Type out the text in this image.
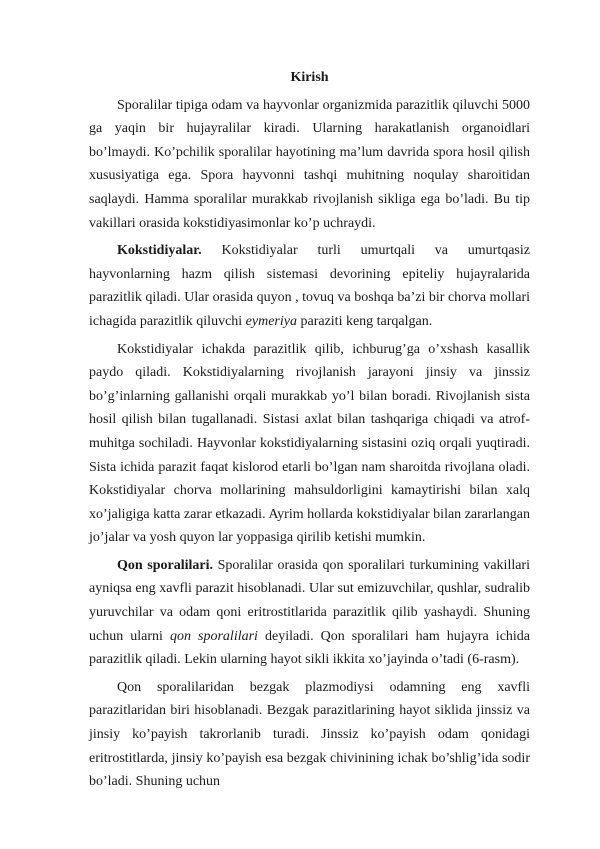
Kirish

Sporalilar tipiga odam va hayvonlar organizmida parazitlik qiluvchi 5000 ga yaqin bir hujayralilar kiradi. Ularning harakatlanish organoidlari bo’lmaydi. Ko’pchilik sporalilar hayotining ma’lum davrida spora hosil qilish xususiyatiga ega. Spora hayvonni tashqi muhitning noqulay sharoitidan saqlaydi. Hamma sporalilar murakkab rivojlanish sikliga ega bo’ladi. Bu tip vakillari orasida kokstidiyasimonlar ko’p uchraydi.

Kokstidiyalar. Kokstidiyalar turli umurtqali va umurtqasiz hayvonlarning hazm qilish sistemasi devorining epiteliy hujayralarida parazitlik qiladi. Ular orasida quyon , tovuq va boshqa ba’zi bir chorva mollari ichagida parazitlik qiluvchi eymeriya paraziti keng tarqalgan.

Kokstidiyalar ichakda parazitlik qilib, ichburug’ga o’xshash kasallik paydo qiladi. Kokstidiyalarning rivojlanish jarayoni jinsiy va jinssiz bo’g’inlarning gallanishi orqali murakkab yo’l bilan boradi. Rivojlanish sista hosil qilish bilan tugallanadi. Sistasi axlat bilan tashqariga chiqadi va atrof-muhitga sochiladi. Hayvonlar kokstidiyalarning sistasini oziq orqali yuqtiradi. Sista ichida parazit faqat kislorod etarli bo’lgan nam sharoitda rivojlana oladi. Kokstidiyalar chorva mollarining mahsuldorligini kamaytirishi bilan xalq xo’jaligiga katta zarar etkazadi. Ayrim hollarda kokstidiyalar bilan zararlangan jo’jalar va yosh quyon lar yoppasiga qirilib ketishi mumkin.

Qon sporalilari. Sporalilar orasida qon sporalilari turkumining vakillari ayniqsa eng xavfli parazit hisoblanadi. Ular sut emizuvchilar, qushlar, sudralib yuruvchilar va odam qoni eritrostitlarida parazitlik qilib yashaydi. Shuning uchun ularni qon sporalilari deyiladi. Qon sporalilari ham hujayra ichida parazitlik qiladi. Lekin ularning hayot sikli ikkita xo’jayinda o’tadi (6-rasm).

Qon sporalilaridan bezgak plazmodiysi odamning eng xavfli parazitlaridan biri hisoblanadi. Bezgak parazitlarining hayot siklida jinssiz va jinsiy ko’payish takrorlanib turadi. Jinssiz ko’payish odam qonidagi eritrostitlarda, jinsiy ko’payish esa bezgak chivinining ichak bo’shlig’ida sodir bo’ladi. Shuning uchun
